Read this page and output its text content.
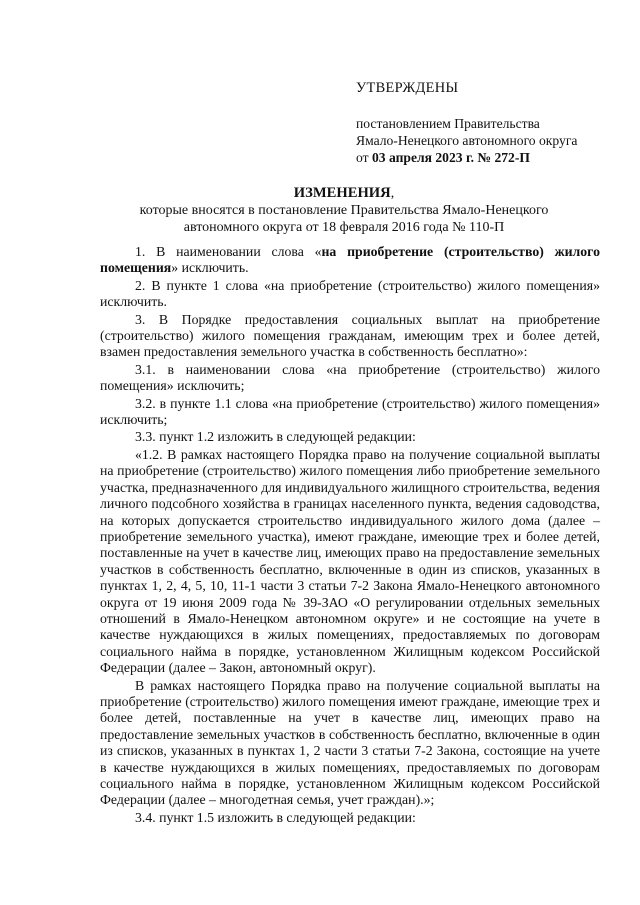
УТВЕРЖДЕНЫ
постановлением Правительства
Ямало-Ненецкого автономного округа
от 03 апреля 2023 г. № 272-П
ИЗМЕНЕНИЯ,
которые вносятся в постановление Правительства Ямало-Ненецкого
автономного округа от 18 февраля 2016 года № 110-П

1. В наименовании слова «на приобретение (строительство) жилого помещения» исключить.

2. В пункте 1 слова «на приобретение (строительство) жилого помещения» исключить.

3. В Порядке предоставления социальных выплат на приобретение (строительство) жилого помещения гражданам, имеющим трех и более детей, взамен предоставления земельного участка в собственность бесплатно»:

3.1. в наименовании слова «на приобретение (строительство) жилого помещения» исключить;

3.2. в пункте 1.1 слова «на приобретение (строительство) жилого помещения» исключить;

3.3. пункт 1.2 изложить в следующей редакции:

«1.2. В рамках настоящего Порядка право на получение социальной выплаты на приобретение (строительство) жилого помещения либо приобретение земельного участка, предназначенного для индивидуального жилищного строительства, ведения личного подсобного хозяйства в границах населенного пункта, ведения садоводства, на которых допускается строительство индивидуального жилого дома (далее – приобретение земельного участка), имеют граждане, имеющие трех и более детей, поставленные на учет в качестве лиц, имеющих право на предоставление земельных участков в собственность бесплатно, включенные в один из списков, указанных в пунктах 1, 2, 4, 5, 10, 11-1 части 3 статьи 7-2 Закона Ямало-Ненецкого автономного округа от 19 июня 2009 года № 39-ЗАО «О регулировании отдельных земельных отношений в Ямало-Ненецком автономном округе» и не состоящие на учете в качестве нуждающихся в жилых помещениях, предоставляемых по договорам социального найма в порядке, установленном Жилищным кодексом Российской Федерации (далее – Закон, автономный округ).

В рамках настоящего Порядка право на получение социальной выплаты на приобретение (строительство) жилого помещения имеют граждане, имеющие трех и более детей, поставленные на учет в качестве лиц, имеющих право на предоставление земельных участков в собственность бесплатно, включенные в один из списков, указанных в пунктах 1, 2 части 3 статьи 7-2 Закона, состоящие на учете в качестве нуждающихся в жилых помещениях, предоставляемых по договорам социального найма в порядке, установленном Жилищным кодексом Российской Федерации (далее – многодетная семья, учет граждан).»;

3.4. пункт 1.5 изложить в следующей редакции:
